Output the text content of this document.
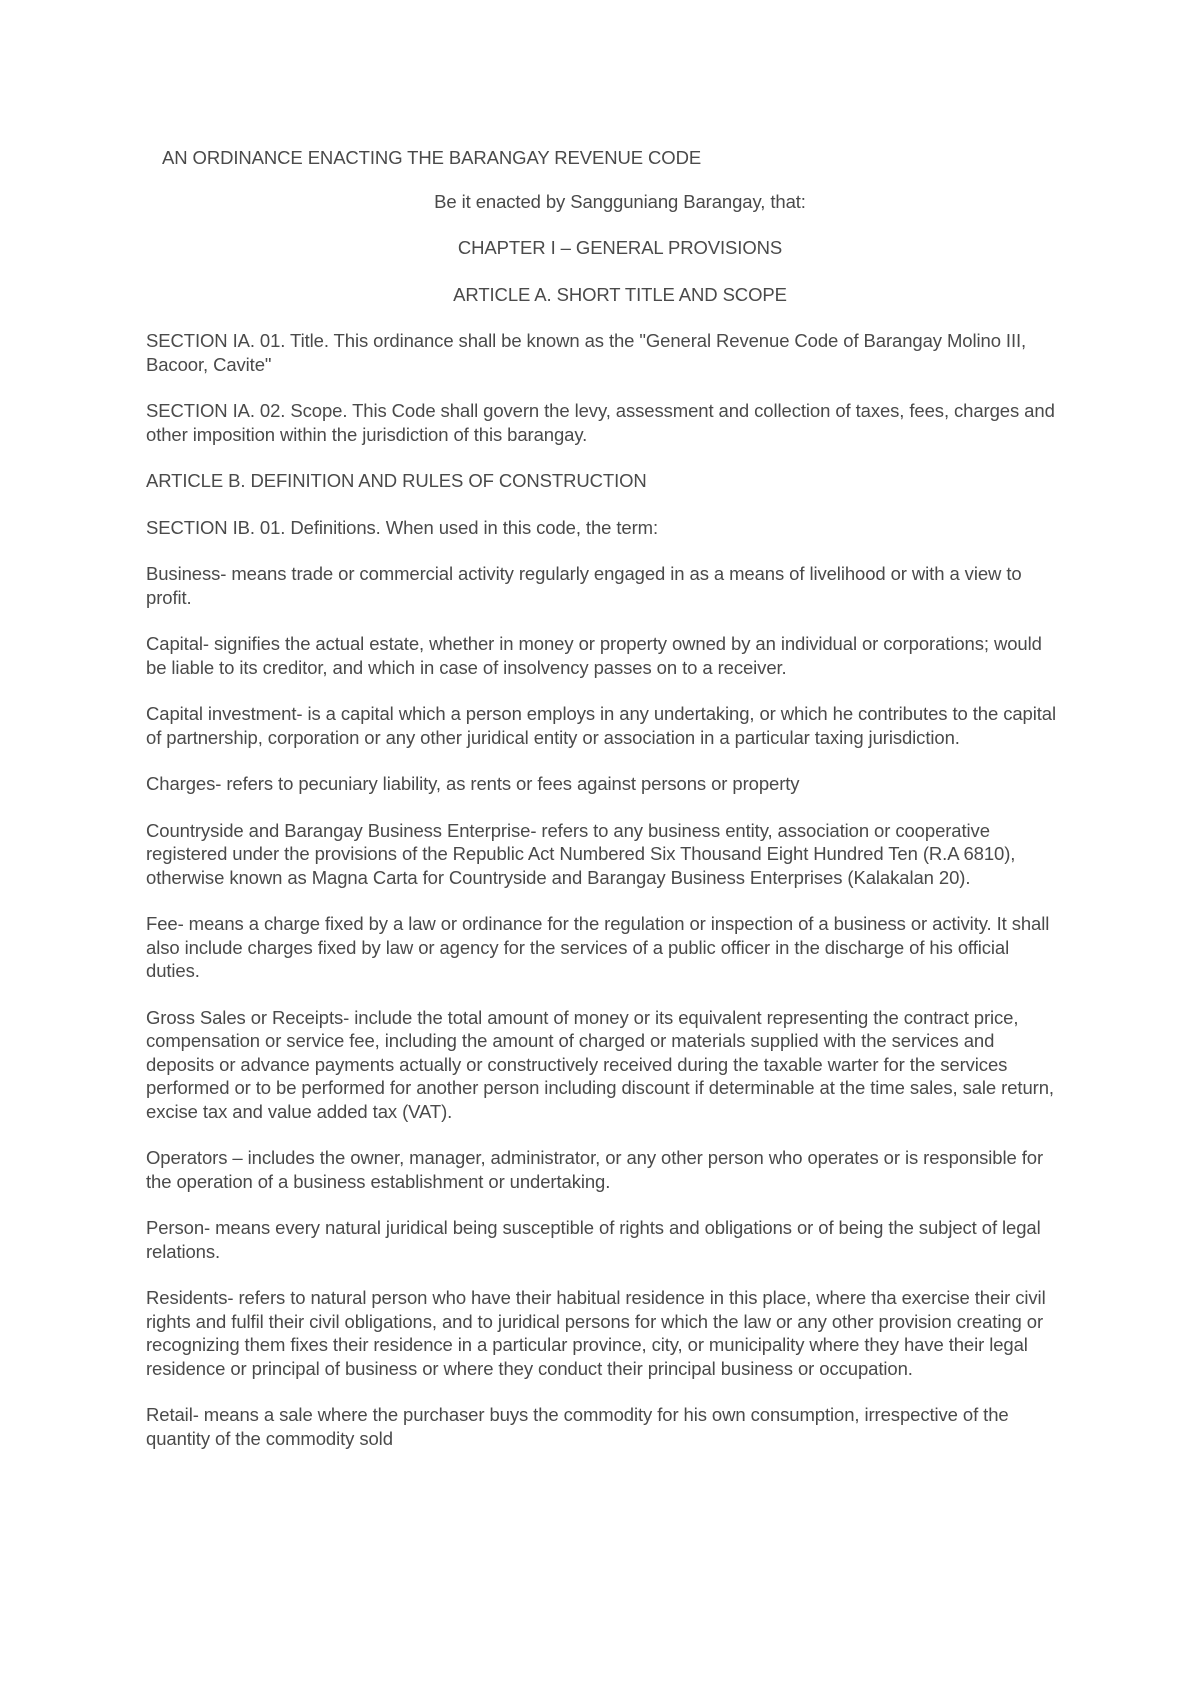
AN ORDINANCE ENACTING THE BARANGAY REVENUE CODE
Be it enacted by Sangguniang Barangay, that:
CHAPTER I – GENERAL PROVISIONS
ARTICLE A. SHORT TITLE AND SCOPE

SECTION IA. 01. Title. This ordinance shall be known as the "General Revenue Code of Barangay Molino III, Bacoor, Cavite"

SECTION IA. 02. Scope. This Code shall govern the levy, assessment and collection of taxes, fees, charges and other imposition within the jurisdiction of this barangay.

ARTICLE B. DEFINITION AND RULES OF CONSTRUCTION

SECTION IB. 01. Definitions. When used in this code, the term:

Business- means trade or commercial activity regularly engaged in as a means of livelihood or with a view to profit.

Capital- signifies the actual estate, whether in money or property owned by an individual or corporations; would be liable to its creditor, and which in case of insolvency passes on to a receiver.

Capital investment- is a capital which a person employs in any undertaking, or which he contributes to the capital of partnership, corporation or any other juridical entity or association in a particular taxing jurisdiction.

Charges- refers to pecuniary liability, as rents or fees against persons or property

Countryside and Barangay Business Enterprise- refers to any business entity, association or cooperative registered under the provisions of the Republic Act Numbered Six Thousand Eight Hundred Ten (R.A 6810), otherwise known as Magna Carta for Countryside and Barangay Business Enterprises (Kalakalan 20).

Fee- means a charge fixed by a law or ordinance for the regulation or inspection of a business or activity. It shall also include charges fixed by law or agency for the services of a public officer in the discharge of his official duties.

Gross Sales or Receipts- include the total amount of money or its equivalent representing the contract price, compensation or service fee, including the amount of charged or materials supplied with the services and deposits or advance payments actually or constructively received during the taxable warter for the services performed or to be performed for another person including discount if determinable at the time sales, sale return, excise tax and value added tax (VAT).

Operators – includes the owner, manager, administrator, or any other person who operates or is responsible for the operation of a business establishment or undertaking.

Person- means every natural juridical being susceptible of rights and obligations or of being the subject of legal relations.

Residents- refers to natural person who have their habitual residence in this place, where tha exercise their civil rights and fulfil their civil obligations, and to juridical persons for which the law or any other provision creating or recognizing them fixes their residence in a particular province, city, or municipality where they have their legal residence or principal of business or where they conduct their principal business or occupation.

Retail- means a sale where the purchaser buys the commodity for his own consumption, irrespective of the quantity of the commodity sold
